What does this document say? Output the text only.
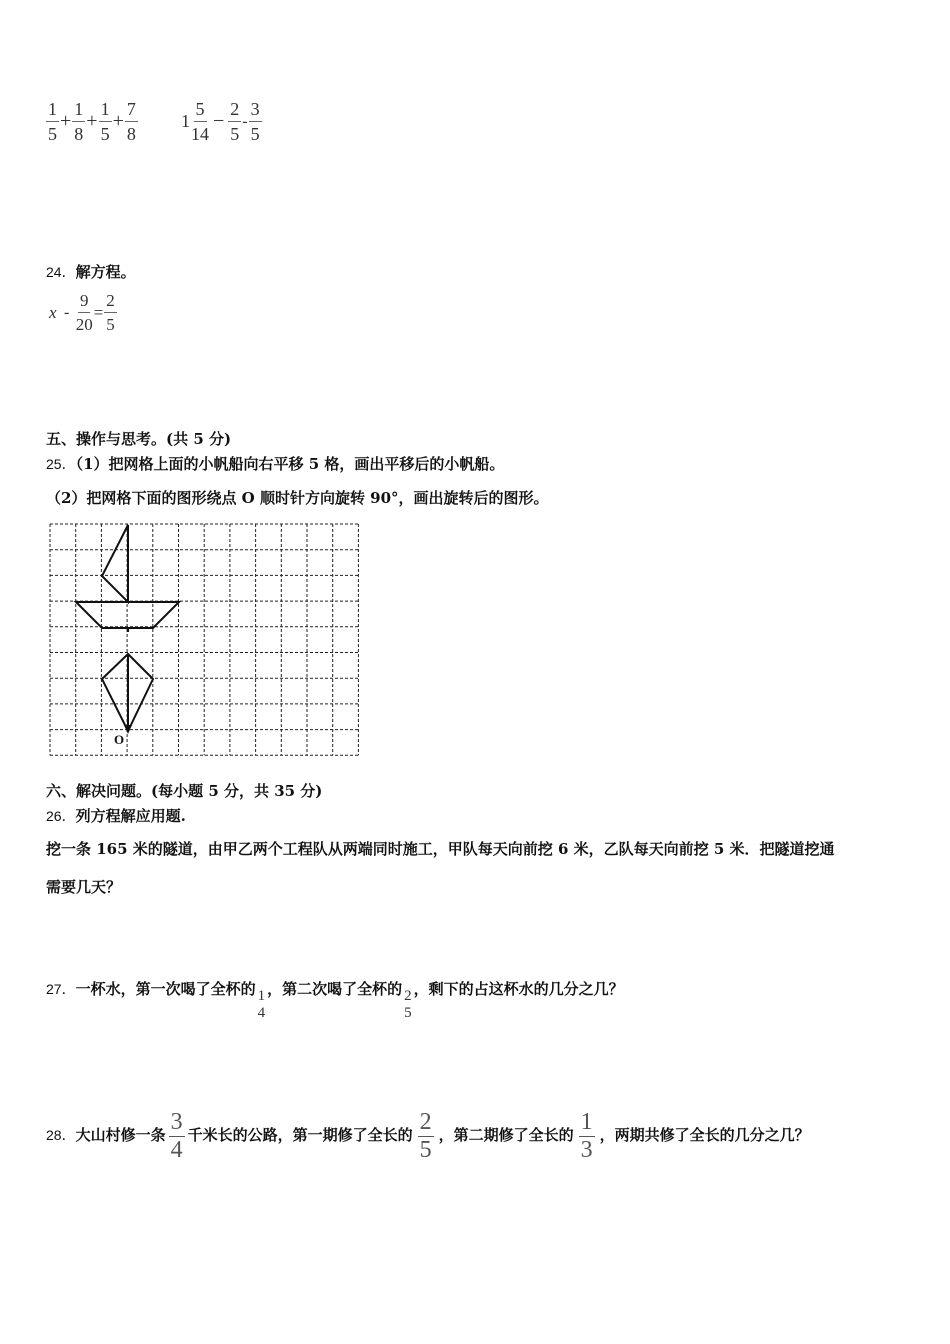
$\frac{1}{5} + \frac{1}{8} + \frac{1}{5} + \frac{7}{8} 1 \frac{5}{14} - \frac{2}{5} - \frac{3}{5}$
24．解方程。
$x - \frac{9}{20} = \frac{2}{5}$
五、操作与思考。(共 5 分)
25．（1）把网格上面的小帆船向右平移 5 格，画出平移后的小帆船。
（2）把网格下面的图形绕点 O 顺时针方向旋转 90°，画出旋转后的图形。
O
六、解决问题。(每小题 5 分，共 35 分)
26．列方程解应用题.
挖一条 165 米的隧道，由甲乙两个工程队从两端同时施工，甲队每天向前挖 6 米，乙队每天向前挖 5 米．把隧道挖通
需要几天？
27．一杯水，第一次喝了全杯的 1
4
，第二次喝了全杯的 2
5
，剩下的占这杯水的几分之几？
28．大山村修一条 $\frac{3}{4}$ 千米长的公路，第一期修了全长的 $\frac{2}{5}$ ，第二期修了全长的 $\frac{1}{3}$ ，两期共修了全长的几分之几？
